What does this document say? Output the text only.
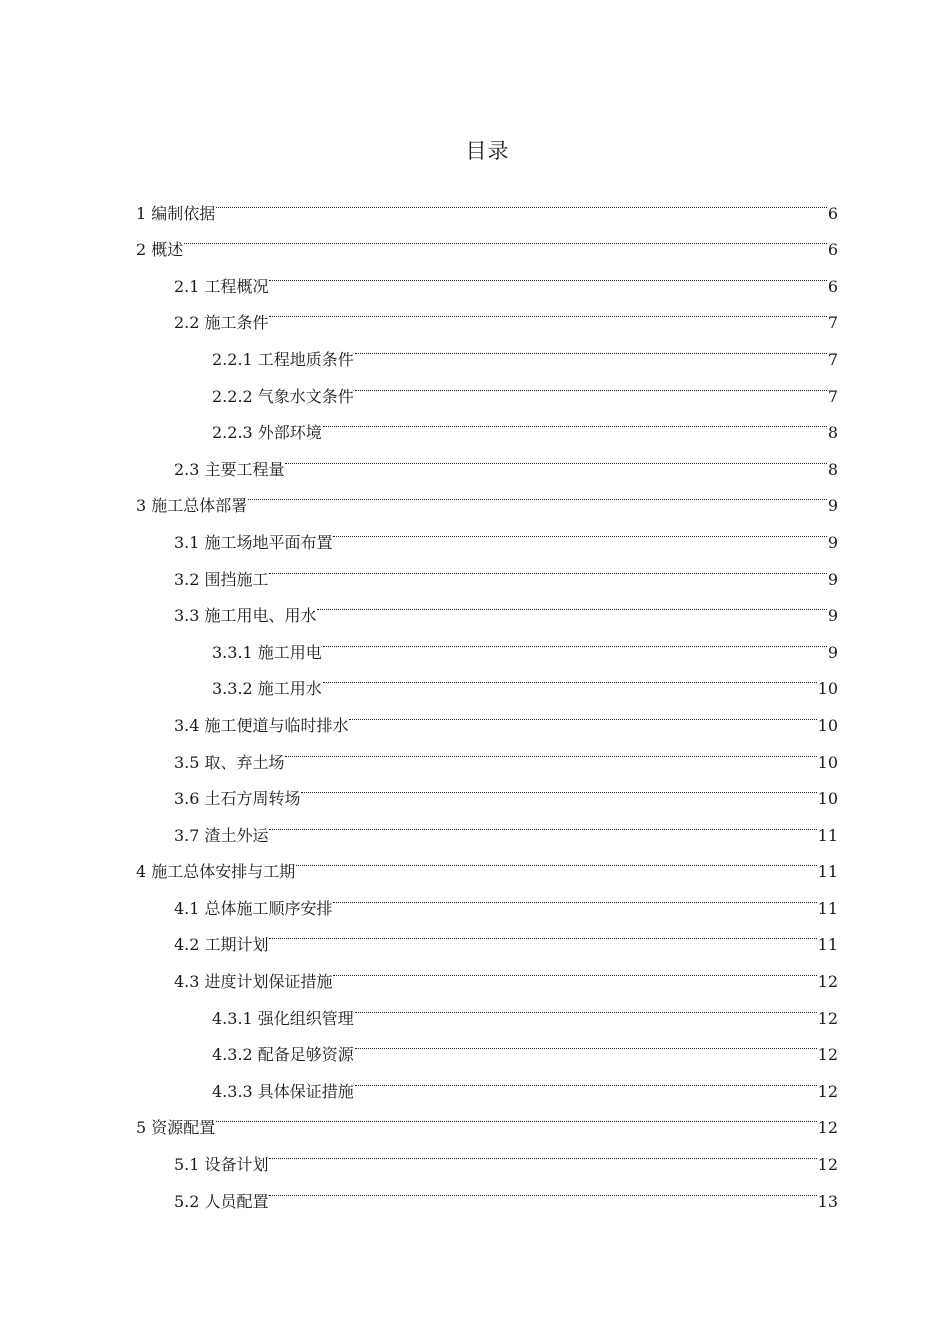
目录
1 编制依据	6
2 概述	6
2.1 工程概况	6
2.2 施工条件	7
2.2.1 工程地质条件	7
2.2.2 气象水文条件	7
2.2.3 外部环境	8
2.3 主要工程量	8
3 施工总体部署	9
3.1 施工场地平面布置	9
3.2 围挡施工	9
3.3 施工用电、用水	9
3.3.1 施工用电	9
3.3.2 施工用水	10
3.4 施工便道与临时排水	10
3.5 取、弃土场	10
3.6 土石方周转场	10
3.7 渣土外运	11
4 施工总体安排与工期	11
4.1 总体施工顺序安排	11
4.2 工期计划	11
4.3 进度计划保证措施	12
4.3.1 强化组织管理	12
4.3.2 配备足够资源	12
4.3.3 具体保证措施	12
5 资源配置	12
5.1 设备计划	12
5.2 人员配置	13
